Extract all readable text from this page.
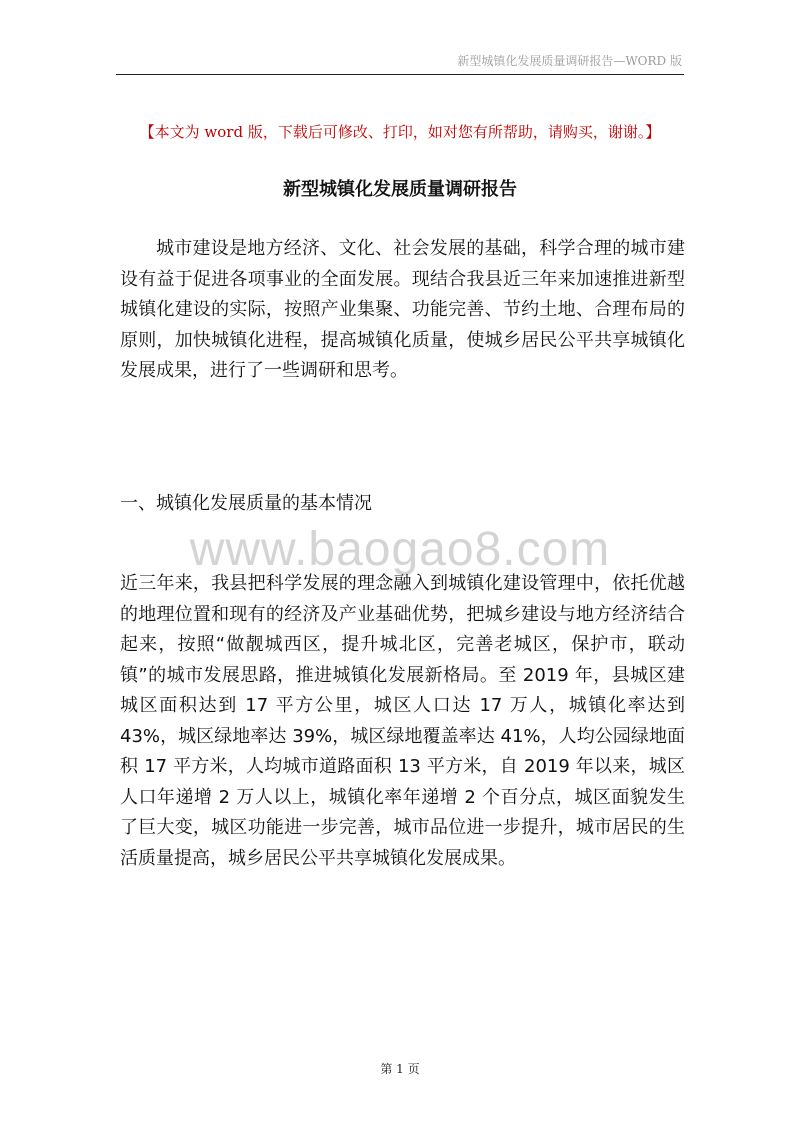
新型城镇化发展质量调研报告—WORD 版
【本文为 word 版，下载后可修改、打印，如对您有所帮助，请购买，谢谢。】
新型城镇化发展质量调研报告
城市建设是地方经济、文化、社会发展的基础，科学合理的城市建设有益于促进各项事业的全面发展。现结合我县近三年来加速推进新型城镇化建设的实际，按照产业集聚、功能完善、节约土地、合理布局的原则，加快城镇化进程，提高城镇化质量，使城乡居民公平共享城镇化发展成果，进行了一些调研和思考。
一、城镇化发展质量的基本情况
www.baogao8.com
近三年来，我县把科学发展的理念融入到城镇化建设管理中，依托优越的地理位置和现有的经济及产业基础优势，把城乡建设与地方经济结合起来，按照“做靓城西区，提升城北区，完善老城区，保护市，联动镇”的城市发展思路，推进城镇化发展新格局。至 2019 年，县城区建城区面积达到 17 平方公里，城区人口达 17 万人，城镇化率达到 43%，城区绿地率达 39%，城区绿地覆盖率达 41%，人均公园绿地面积 17 平方米，人均城市道路面积 13 平方米，自 2019 年以来，城区人口年递增 2 万人以上，城镇化率年递增 2 个百分点，城区面貌发生了巨大变，城区功能进一步完善，城市品位进一步提升，城市居民的生活质量提高，城乡居民公平共享城镇化发展成果。
第 1 页
